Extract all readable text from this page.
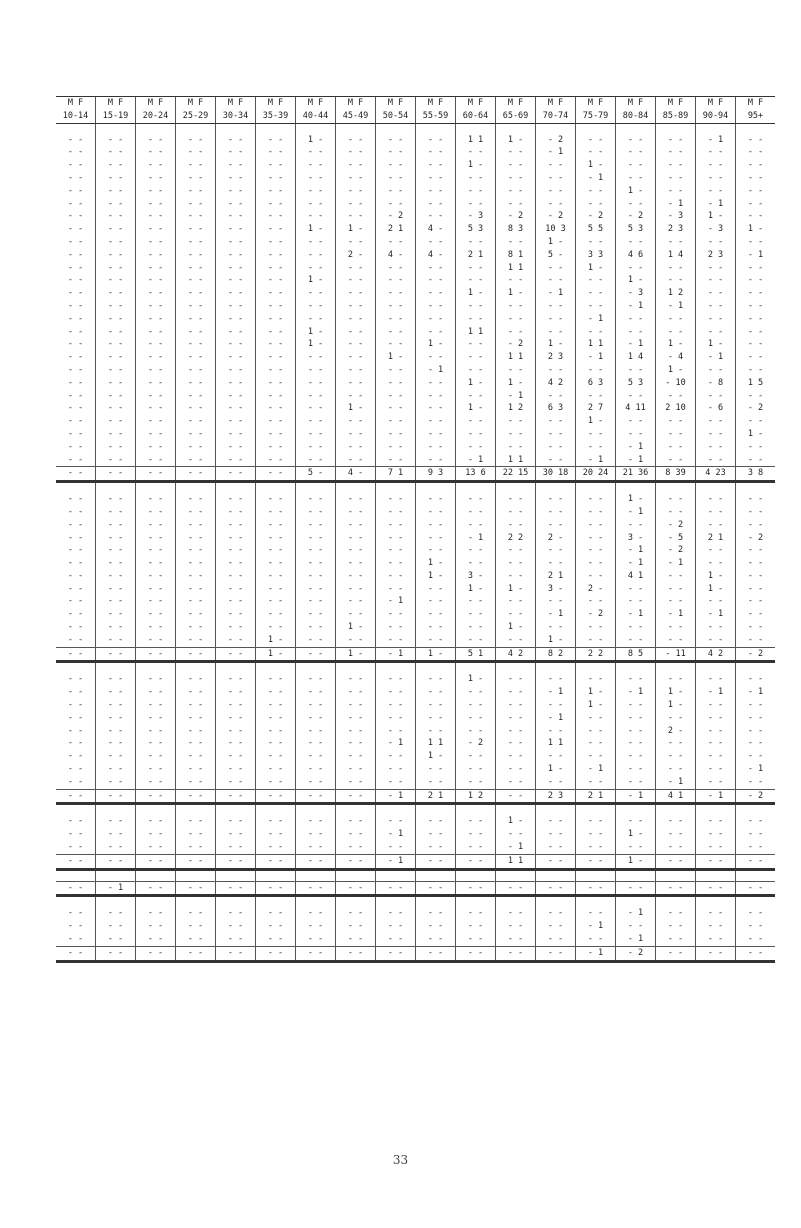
M F	M F	M F	M F	M F	M F	M F	M F	M F	M F	M F	M F	M F	M F	M F	M F	M F	M F
10-14	15-19	20-24	25-29	30-34	35-39	40-44	45-49	50-54	55-59	60-64	65-69	70-74	75-79	80-84	85-89	90-94	95+

- -	- -	- -	- -	- -	- -	1 -	- -	- -	- -	1 1	1 -	- 2	- -	- -	- -	- 1	- -
- -	- -	- -	- -	- -	- -	- -	- -	- -	- -	- -	- -	- 1	- -	- -	- -	- -	- -
- -	- -	- -	- -	- -	- -	- -	- -	- -	- -	1 -	- -	- -	1 -	- -	- -	- -	- -
- -	- -	- -	- -	- -	- -	- -	- -	- -	- -	- -	- -	- -	- 1	- -	- -	- -	- -
- -	- -	- -	- -	- -	- -	- -	- -	- -	- -	- -	- -	- -	- -	1 -	- -	- -	- -
- -	- -	- -	- -	- -	- -	- -	- -	- -	- -	- -	- -	- -	- -	- -	- 1	- 1	- -
- -	- -	- -	- -	- -	- -	- -	- -	- 2	- -	- 3	- 2	- 2	- 2	- 2	- 3	1 -	- -
- -	- -	- -	- -	- -	- -	1 -	1 -	2 1	4 -	5 3	8 3	10 3	5 5	5 3	2 3	- 3	1 -
- -	- -	- -	- -	- -	- -	- -	- -	- -	- -	- -	- -	1 -	- -	- -	- -	- -	- -
- -	- -	- -	- -	- -	- -	- -	2 -	4 -	4 -	2 1	8 1	5 -	3 3	4 6	1 4	2 3	- 1
- -	- -	- -	- -	- -	- -	- -	- -	- -	- -	- -	1 1	- -	1 -	- -	- -	- -	- -
- -	- -	- -	- -	- -	- -	1 -	- -	- -	- -	- -	- -	- -	- -	1 -	- -	- -	- -
- -	- -	- -	- -	- -	- -	- -	- -	- -	- -	1 -	1 -	- 1	- -	- 3	1 2	- -	- -
- -	- -	- -	- -	- -	- -	- -	- -	- -	- -	- -	- -	- -	- -	- 1	- 1	- -	- -
- -	- -	- -	- -	- -	- -	- -	- -	- -	- -	- -	- -	- -	- 1	- -	- -	- -	- -
- -	- -	- -	- -	- -	- -	1 -	- -	- -	- -	1 1	- -	- -	- -	- -	- -	- -	- -
- -	- -	- -	- -	- -	- -	1 -	- -	- -	1 -	- -	- 2	1 -	1 1	- 1	1 -	1 -	- -
- -	- -	- -	- -	- -	- -	- -	- -	1 -	- -	- -	1 1	2 3	- 1	1 4	- 4	- 1	- -
- -	- -	- -	- -	- -	- -	- -	- -	- -	- 1	- -	- -	- -	- -	- -	1 -	- -	- -
- -	- -	- -	- -	- -	- -	- -	- -	- -	- -	1 -	1 -	4 2	6 3	5 3	- 10	- 8	1 5
- -	- -	- -	- -	- -	- -	- -	- -	- -	- -	- -	- 1	- -	- -	- -	- -	- -	- -
- -	- -	- -	- -	- -	- -	- -	1 -	- -	- -	1 -	1 2	6 3	2 7	4 11	2 10	- 6	- 2
- -	- -	- -	- -	- -	- -	- -	- -	- -	- -	- -	- -	- -	1 -	- -	- -	- -	- -
- -	- -	- -	- -	- -	- -	- -	- -	- -	- -	- -	- -	- -	- -	- -	- -	- -	1 -
- -	- -	- -	- -	- -	- -	- -	- -	- -	- -	- -	- -	- -	- -	- 1	- -	- -	- -
- -	- -	- -	- -	- -	- -	- -	- -	- -	- -	- 1	1 1	- -	- 1	- 1	- -	- -	- -
- -	- -	- -	- -	- -	- -	5 -	4 -	7 1	9 3	13 6	22 15	30 18	20 24	21 36	8 39	4 23	3 8

- -	- -	- -	- -	- -	- -	- -	- -	- -	- -	- -	- -	- -	- -	1 -	- -	- -	- -
- -	- -	- -	- -	- -	- -	- -	- -	- -	- -	- -	- -	- -	- -	- 1	- -	- -	- -
- -	- -	- -	- -	- -	- -	- -	- -	- -	- -	- -	- -	- -	- -	- -	- 2	- -	- -
- -	- -	- -	- -	- -	- -	- -	- -	- -	- -	- 1	2 2	2 -	- -	3 -	- 5	2 1	- 2
- -	- -	- -	- -	- -	- -	- -	- -	- -	- -	- -	- -	- -	- -	- 1	- 2	- -	- -
- -	- -	- -	- -	- -	- -	- -	- -	- -	1 -	- -	- -	- -	- -	- 1	- 1	- -	- -
- -	- -	- -	- -	- -	- -	- -	- -	- -	1 -	3 -	- -	2 1	- -	4 1	- -	1 -	- -
- -	- -	- -	- -	- -	- -	- -	- -	- -	- -	1 -	1 -	3 -	2 -	- -	- -	1 -	- -
- -	- -	- -	- -	- -	- -	- -	- -	- 1	- -	- -	- -	- -	- -	- -	- -	- -	- -
- -	- -	- -	- -	- -	- -	- -	- -	- -	- -	- -	- -	- 1	- 2	- 1	- 1	- 1	- -
- -	- -	- -	- -	- -	- -	- -	1 -	- -	- -	- -	1 -	- -	- -	- -	- -	- -	- -
- -	- -	- -	- -	- -	1 -	- -	- -	- -	- -	- -	- -	1 -	- -	- -	- -	- -	- -
- -	- -	- -	- -	- -	1 -	- -	1 -	- 1	1 -	5 1	4 2	8 2	2 2	8 5	- 11	4 2	- 2

- -	- -	- -	- -	- -	- -	- -	- -	- -	- -	1 -	- -	- -	- -	- -	- -	- -	- -
- -	- -	- -	- -	- -	- -	- -	- -	- -	- -	- -	- -	- 1	1 -	- 1	1 -	- 1	- 1
- -	- -	- -	- -	- -	- -	- -	- -	- -	- -	- -	- -	- -	1 -	- -	1 -	- -	- -
- -	- -	- -	- -	- -	- -	- -	- -	- -	- -	- -	- -	- 1	- -	- -	- -	- -	- -
- -	- -	- -	- -	- -	- -	- -	- -	- -	- -	- -	- -	- -	- -	- -	2 -	- -	- -
- -	- -	- -	- -	- -	- -	- -	- -	- 1	1 1	- 2	- -	1 1	- -	- -	- -	- -	- -
- -	- -	- -	- -	- -	- -	- -	- -	- -	1 -	- -	- -	- -	- -	- -	- -	- -	- -
- -	- -	- -	- -	- -	- -	- -	- -	- -	- -	- -	- -	1 -	- 1	- -	- -	- -	- 1
- -	- -	- -	- -	- -	- -	- -	- -	- -	- -	- -	- -	- -	- -	- -	- 1	- -	- -
- -	- -	- -	- -	- -	- -	- -	- -	- 1	2 1	1 2	- -	2 3	2 1	- 1	4 1	- 1	- 2

- -	- -	- -	- -	- -	- -	- -	- -	- -	- -	- -	1 -	- -	- -	- -	- -	- -	- -
- -	- -	- -	- -	- -	- -	- -	- -	- 1	- -	- -	- -	- -	- -	1 -	- -	- -	- -
- -	- -	- -	- -	- -	- -	- -	- -	- -	- -	- -	- 1	- -	- -	- -	- -	- -	- -
- -	- -	- -	- -	- -	- -	- -	- -	- 1	- -	- -	1 1	- -	- -	1 -	- -	- -	- -

- -	- 1	- -	- -	- -	- -	- -	- -	- -	- -	- -	- -	- -	- -	- -	- -	- -	- -

- -	- -	- -	- -	- -	- -	- -	- -	- -	- -	- -	- -	- -	- -	- 1	- -	- -	- -
- -	- -	- -	- -	- -	- -	- -	- -	- -	- -	- -	- -	- -	- 1	- -	- -	- -	- -
- -	- -	- -	- -	- -	- -	- -	- -	- -	- -	- -	- -	- -	- -	- 1	- -	- -	- -
- -	- -	- -	- -	- -	- -	- -	- -	- -	- -	- -	- -	- -	- 1	- 2	- -	- -	- -
33
